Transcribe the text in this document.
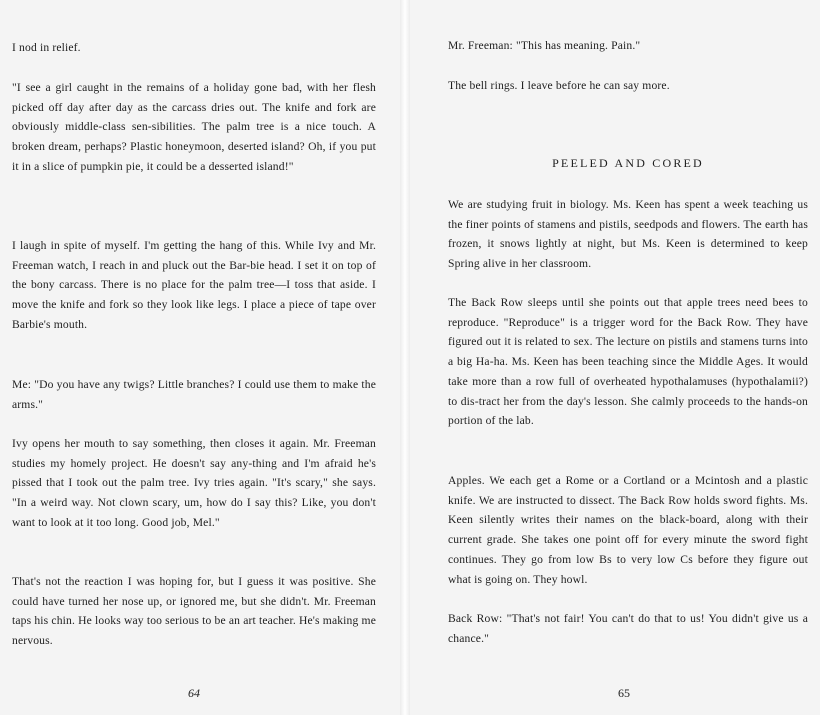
I nod in relief.

"I see a girl caught in the remains of a holiday gone bad, with her flesh picked off day after day as the carcass dries out. The knife and fork are obviously middle-class sen-sibilities. The palm tree is a nice touch. A broken dream, perhaps? Plastic honeymoon, deserted island? Oh, if you put it in a slice of pumpkin pie, it could be a desserted island!"

I laugh in spite of myself. I'm getting the hang of this. While Ivy and Mr. Freeman watch, I reach in and pluck out the Bar-bie head. I set it on top of the bony carcass. There is no place for the palm tree—I toss that aside. I move the knife and fork so they look like legs. I place a piece of tape over Barbie's mouth.

Me: "Do you have any twigs? Little branches? I could use them to make the arms."

Ivy opens her mouth to say something, then closes it again. Mr. Freeman studies my homely project. He doesn't say any-thing and I'm afraid he's pissed that I took out the palm tree. Ivy tries again. "It's scary," she says. "In a weird way. Not clown scary, um, how do I say this? Like, you don't want to look at it too long. Good job, Mel."

That's not the reaction I was hoping for, but I guess it was positive. She could have turned her nose up, or ignored me, but she didn't. Mr. Freeman taps his chin. He looks way too serious to be an art teacher. He's making me nervous.

64

Mr. Freeman: "This has meaning. Pain."

The bell rings. I leave before he can say more.

PEELED AND CORED

We are studying fruit in biology. Ms. Keen has spent a week teaching us the finer points of stamens and pistils, seedpods and flowers. The earth has frozen, it snows lightly at night, but Ms. Keen is determined to keep Spring alive in her classroom.

The Back Row sleeps until she points out that apple trees need bees to reproduce. "Reproduce" is a trigger word for the Back Row. They have figured out it is related to sex. The lecture on pistils and stamens turns into a big Ha-ha. Ms. Keen has been teaching since the Middle Ages. It would take more than a row full of overheated hypothalamuses (hypothalamii?) to dis-tract her from the day's lesson. She calmly proceeds to the hands-on portion of the lab.

Apples. We each get a Rome or a Cortland or a Mcintosh and a plastic knife. We are instructed to dissect. The Back Row holds sword fights. Ms. Keen silently writes their names on the black-board, along with their current grade. She takes one point off for every minute the sword fight continues. They go from low Bs to very low Cs before they figure out what is going on. They howl.

Back Row: "That's not fair! You can't do that to us! You didn't give us a chance."

65
